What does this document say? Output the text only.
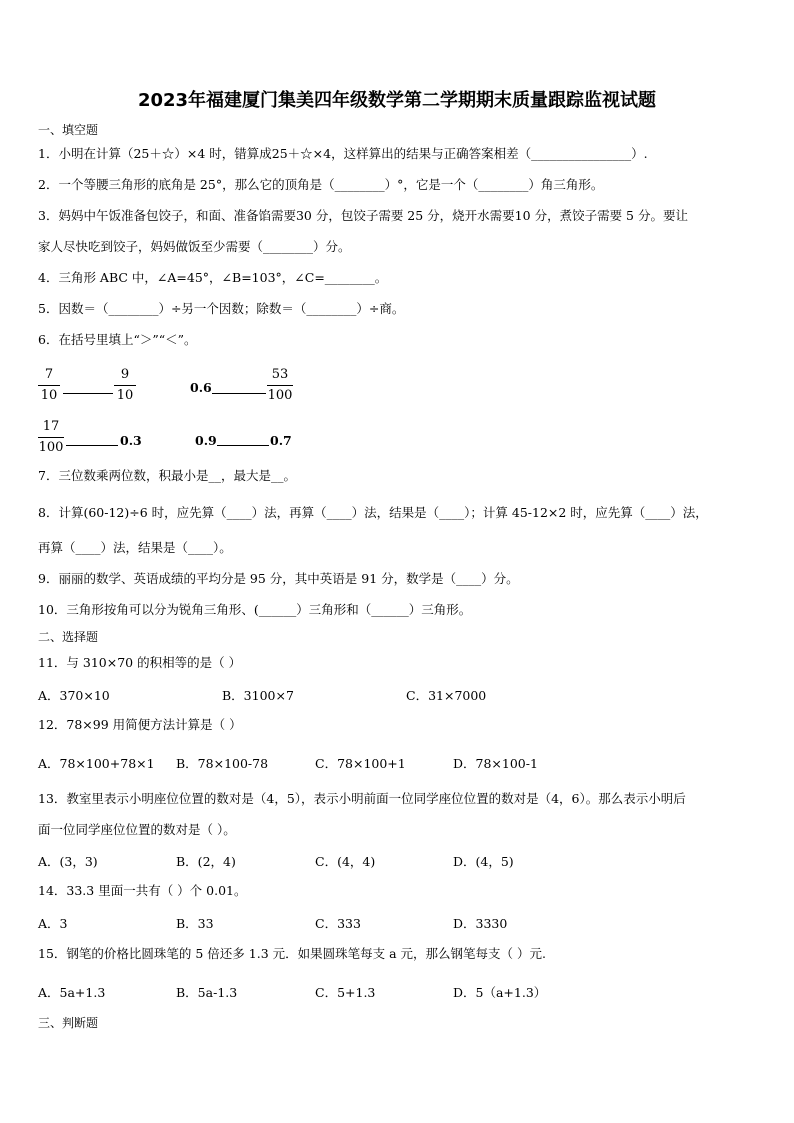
2023年福建厦门集美四年级数学第二学期期末质量跟踪监视试题
一、填空题
1．小明在计算（25＋☆）×4 时，错算成25＋☆×4，这样算出的结果与正确答案相差（________________）.
2．一个等腰三角形的底角是 25°，那么它的顶角是（________）°，它是一个（________）角三角形。
3．妈妈中午饭准备包饺子，和面、准备馅需要30 分，包饺子需要 25 分，烧开水需要10 分，煮饺子需要 5 分。要让
家人尽快吃到饺子，妈妈做饭至少需要（________）分。
4．三角形 ABC 中，∠A=45°，∠B=103°，∠C=________。
5．因数＝（________）÷另一个因数；除数＝（________）÷商。
6．在括号里填上“＞”“＜”。
7
10
9
10
0.6
53
100
17
100	0.3	0.9	0.7
7．三位数乘两位数，积最小是__，最大是__。
8．计算(60-12)÷6 时，应先算（____）法，再算（____）法，结果是（____）；计算 45-12×2 时，应先算（____）法，
再算（____）法，结果是（____）。
9．丽丽的数学、英语成绩的平均分是 95 分，其中英语是 91 分，数学是（____）分。
10．三角形按角可以分为锐角三角形、(______）三角形和（______）三角形。
二、选择题
11．与 310×70 的积相等的是（ ）
A．370×10	B．3100×7	C．31×7000
12．78×99 用简便方法计算是（ ）
A．78×100+78×1 B．78×100-78	C．78×100+1	D．78×100-1
13．教室里表示小明座位位置的数对是（4，5），表示小明前面一位同学座位位置的数对是（4，6）。那么表示小明后
面一位同学座位位置的数对是（ ）。
A．(3，3)	B．(2，4)	C．(4，4)	D．(4，5)
14．33.3 里面一共有（ ）个 0.01。
A．3	B．33	C．333	D．3330
15．钢笔的价格比圆珠笔的 5 倍还多 1.3 元．如果圆珠笔每支 a 元，那么钢笔每支（ ）元.
A．5a+1.3	B．5a-1.3	C．5+1.3	D．5（a+1.3）
三、判断题
